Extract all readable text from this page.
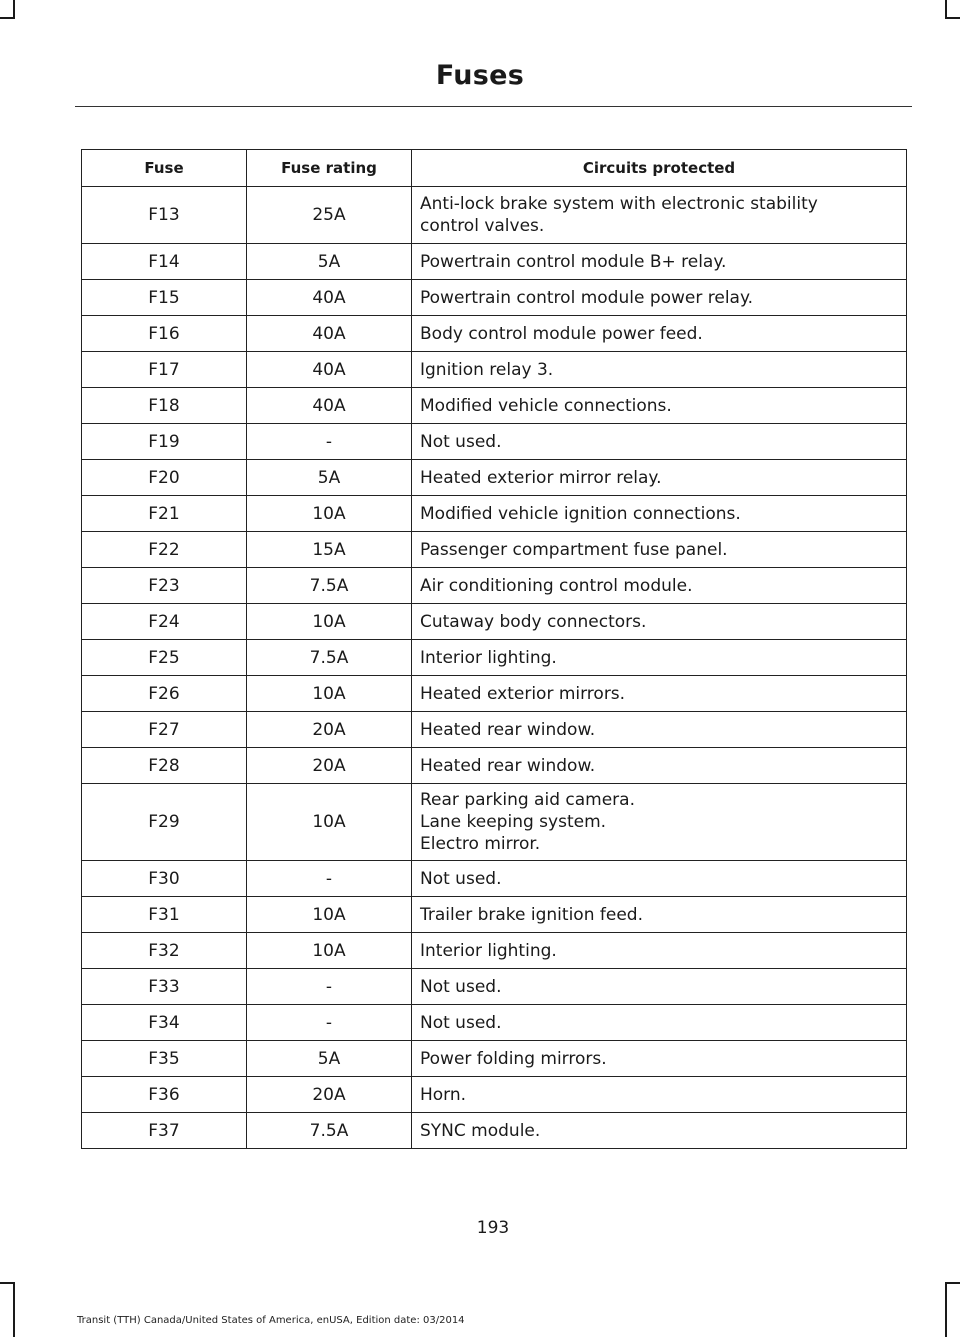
Fuses
Fuse	Fuse rating	Circuits protected
F13	25A	Anti-lock brake system with electronic stability
control valves.

F14	5A	Powertrain control module B+ relay.

F15	40A	Powertrain control module power relay.

F16	40A	Body control module power feed.

F17	40A	Ignition relay 3.

F18	40A	Modified vehicle connections.

F19	-	Not used.

F20	5A	Heated exterior mirror relay.

F21	10A	Modified vehicle ignition connections.

F22	15A	Passenger compartment fuse panel.

F23	7.5A	Air conditioning control module.

F24	10A	Cutaway body connectors.

F25	7.5A	Interior lighting.

F26	10A	Heated exterior mirrors.

F27	20A	Heated rear window.

F28	20A	Heated rear window.

F29	10A	Rear parking aid camera.
Lane keeping system.
Electro mirror.

F30	-	Not used.

F31	10A	Trailer brake ignition feed.

F32	10A	Interior lighting.

F33	-	Not used.

F34	-	Not used.

F35	5A	Power folding mirrors.

F36	20A	Horn.

F37	7.5A	SYNC module.
193
Transit (TTH) Canada/United States of America, enUSA, Edition date: 03/2014
